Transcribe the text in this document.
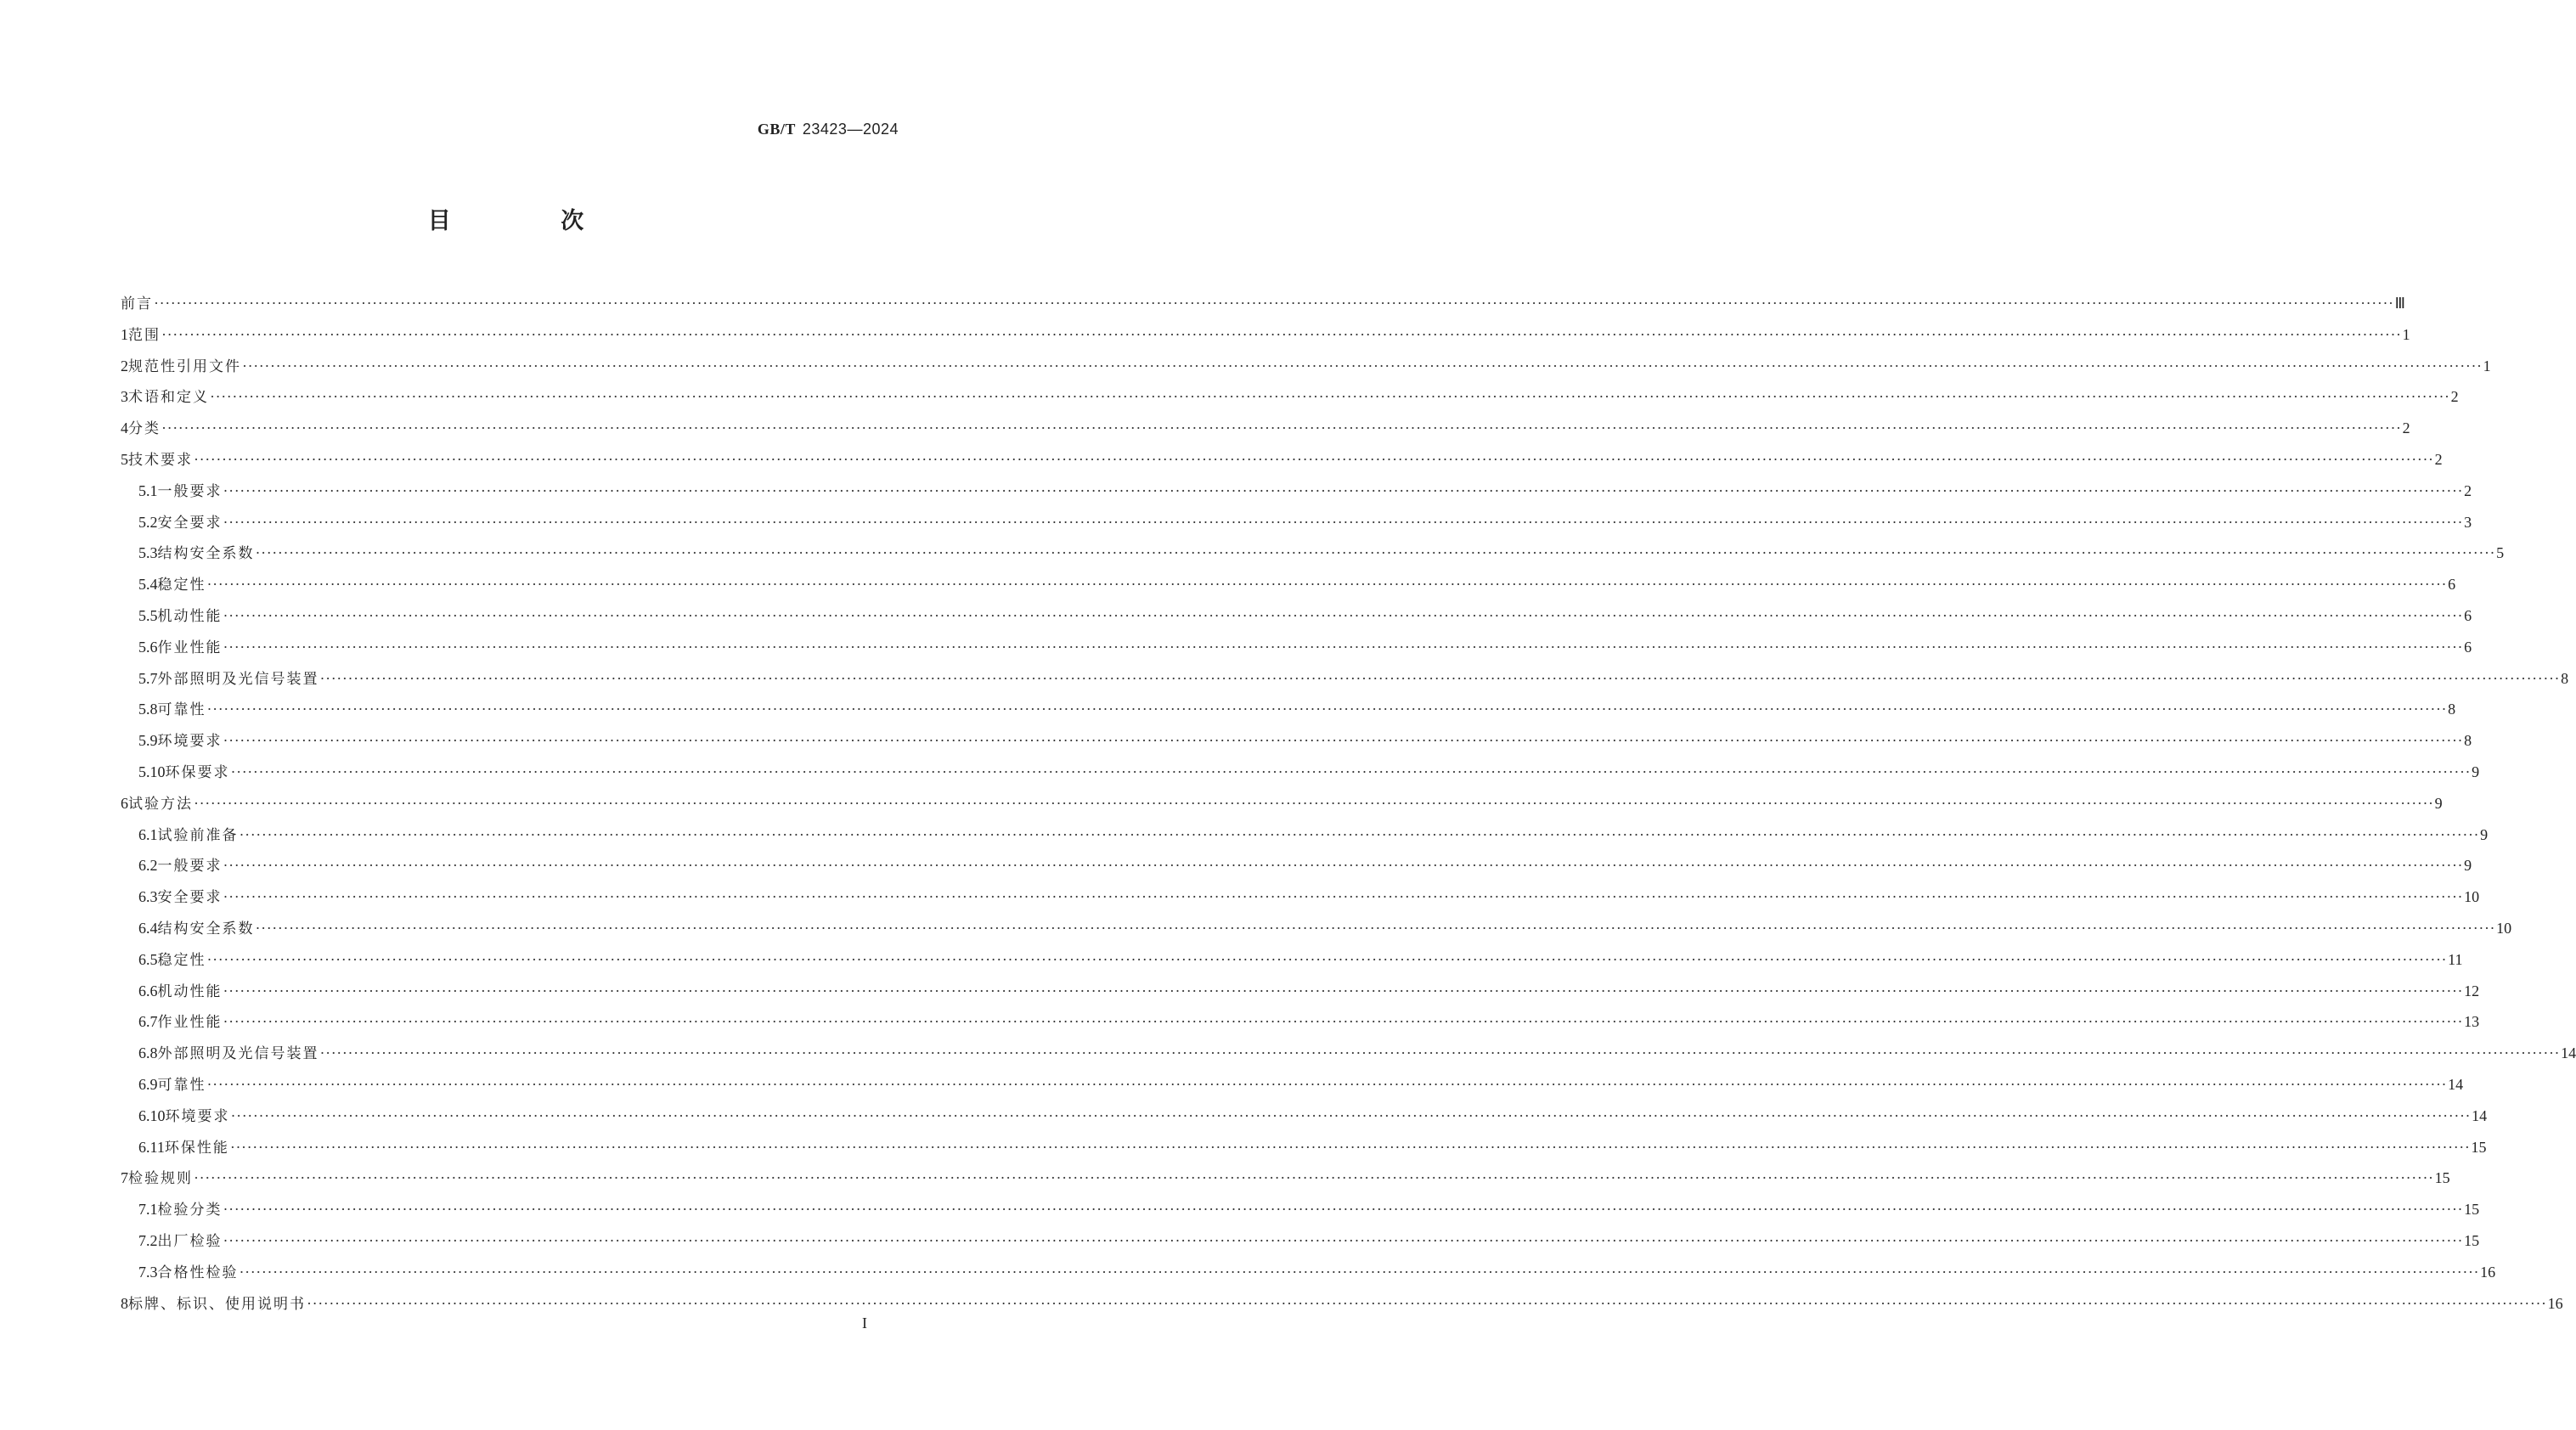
GB/T 23423—2024
目 次
前言 ················································································································································································································································································································································································································ Ⅲ
1 范围 ················································································································································································································································································································································································································ 1
2 规范性引用文件 ················································································································································································································································································································································································································ 1
3 术语和定义 ················································································································································································································································································································································································································ 2
4 分类 ················································································································································································································································································································································································································ 2
5 技术要求 ················································································································································································································································································································································································································ 2
5.1 一般要求 ················································································································································································································································································································································································································ 2
5.2 安全要求 ················································································································································································································································································································································································································ 3
5.3 结构安全系数 ················································································································································································································································································································································································································ 5
5.4 稳定性 ················································································································································································································································································································································································································ 6
5.5 机动性能 ················································································································································································································································································································································································································ 6
5.6 作业性能 ················································································································································································································································································································································································································ 6
5.7 外部照明及光信号装置 ················································································································································································································································································································································································································ 8
5.8 可靠性 ················································································································································································································································································································································································································ 8
5.9 环境要求 ················································································································································································································································································································································································································ 8
5.10 环保要求 ················································································································································································································································································································································································································ 9
6 试验方法 ················································································································································································································································································································································································································ 9
6.1 试验前准备 ················································································································································································································································································································································································································ 9
6.2 一般要求 ················································································································································································································································································································································································································ 9
6.3 安全要求 ················································································································································································································································································································································································································ 10
6.4 结构安全系数 ················································································································································································································································································································································································································ 10
6.5 稳定性 ················································································································································································································································································································································································································ 11
6.6 机动性能 ················································································································································································································································································································································································································ 12
6.7 作业性能 ················································································································································································································································································································································································································ 13
6.8 外部照明及光信号装置 ················································································································································································································································································································································································································ 14
6.9 可靠性 ················································································································································································································································································································································································································ 14
6.10 环境要求 ················································································································································································································································································································································································································ 14
6.11 环保性能 ················································································································································································································································································································································································································ 15
7 检验规则 ················································································································································································································································································································································································································ 15
7.1 检验分类 ················································································································································································································································································································································································································ 15
7.2 出厂检验 ················································································································································································································································································································································································································ 15
7.3 合格性检验 ················································································································································································································································································································································································································ 16
8 标牌、标识、使用说明书 ················································································································································································································································································································································································································ 16
I
